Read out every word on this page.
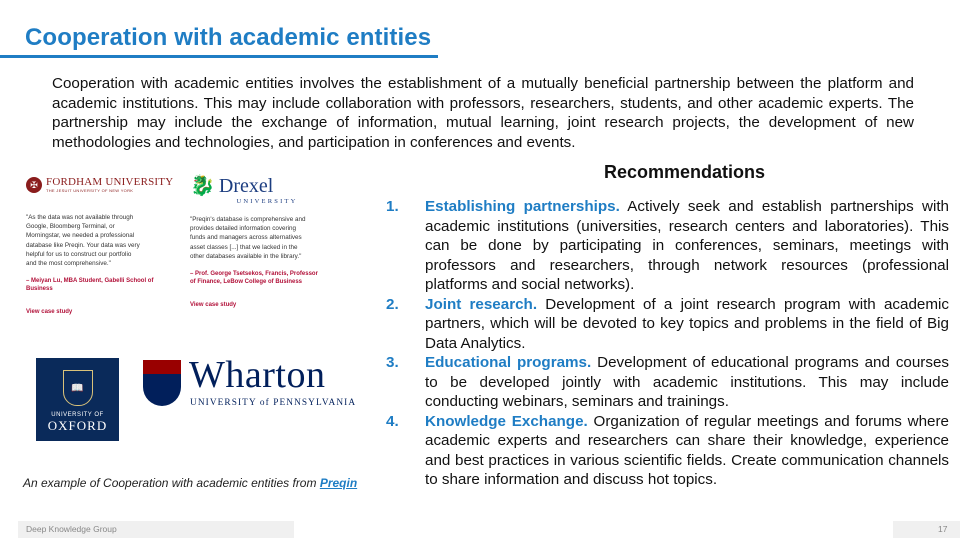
Cooperation with academic entities
Cooperation with academic entities involves the establishment of a mutually beneficial partnership between the platform and academic institutions. This may include collaboration with professors, researchers, students, and other academic experts. The partnership may include the exchange of information, mutual learning, joint research projects, the development of new methodologies and technologies, and participation in conferences and events.
✠ FORDHAM UNIVERSITY
THE JESUIT UNIVERSITY OF NEW YORK
"As the data was not available through Google, Bloomberg Terminal, or Morningstar, we needed a professional database like Preqin. Your data was very helpful for us to construct our portfolio and the most comprehensive."
– Meiyan Lu, MBA Student, Gabelli School of Business
View case study
🐉 Drexel
UNIVERSITY
"Preqin's database is comprehensive and provides detailed information covering funds and managers across alternatives asset classes [...] that we lacked in the other databases available in the library."
– Prof. George Tsetsekos, Francis, Professor of Finance, LeBow College of Business
View case study
📖
UNIVERSITY OF
OXFORD
Wharton
UNIVERSITY of PENNSYLVANIA
An example of Cooperation with academic entities from Preqin
Recommendations
1. Establishing partnerships. Actively seek and establish partnerships with academic institutions (universities, research centers and laboratories). This can be done by participating in conferences, seminars, meetings with professors and researchers, through network resources (professional platforms and social networks).
2. Joint research. Development of a joint research program with academic partners, which will be devoted to key topics and problems in the field of Big Data Analytics.
3. Educational programs. Development of educational programs and courses to be developed jointly with academic institutions. This may include conducting webinars, seminars and trainings.
4. Knowledge Exchange. Organization of regular meetings and forums where academic experts and researchers can share their knowledge, experience and best practices in various scientific fields. Create communication channels to share information and discuss hot topics.
Deep Knowledge Group	17
